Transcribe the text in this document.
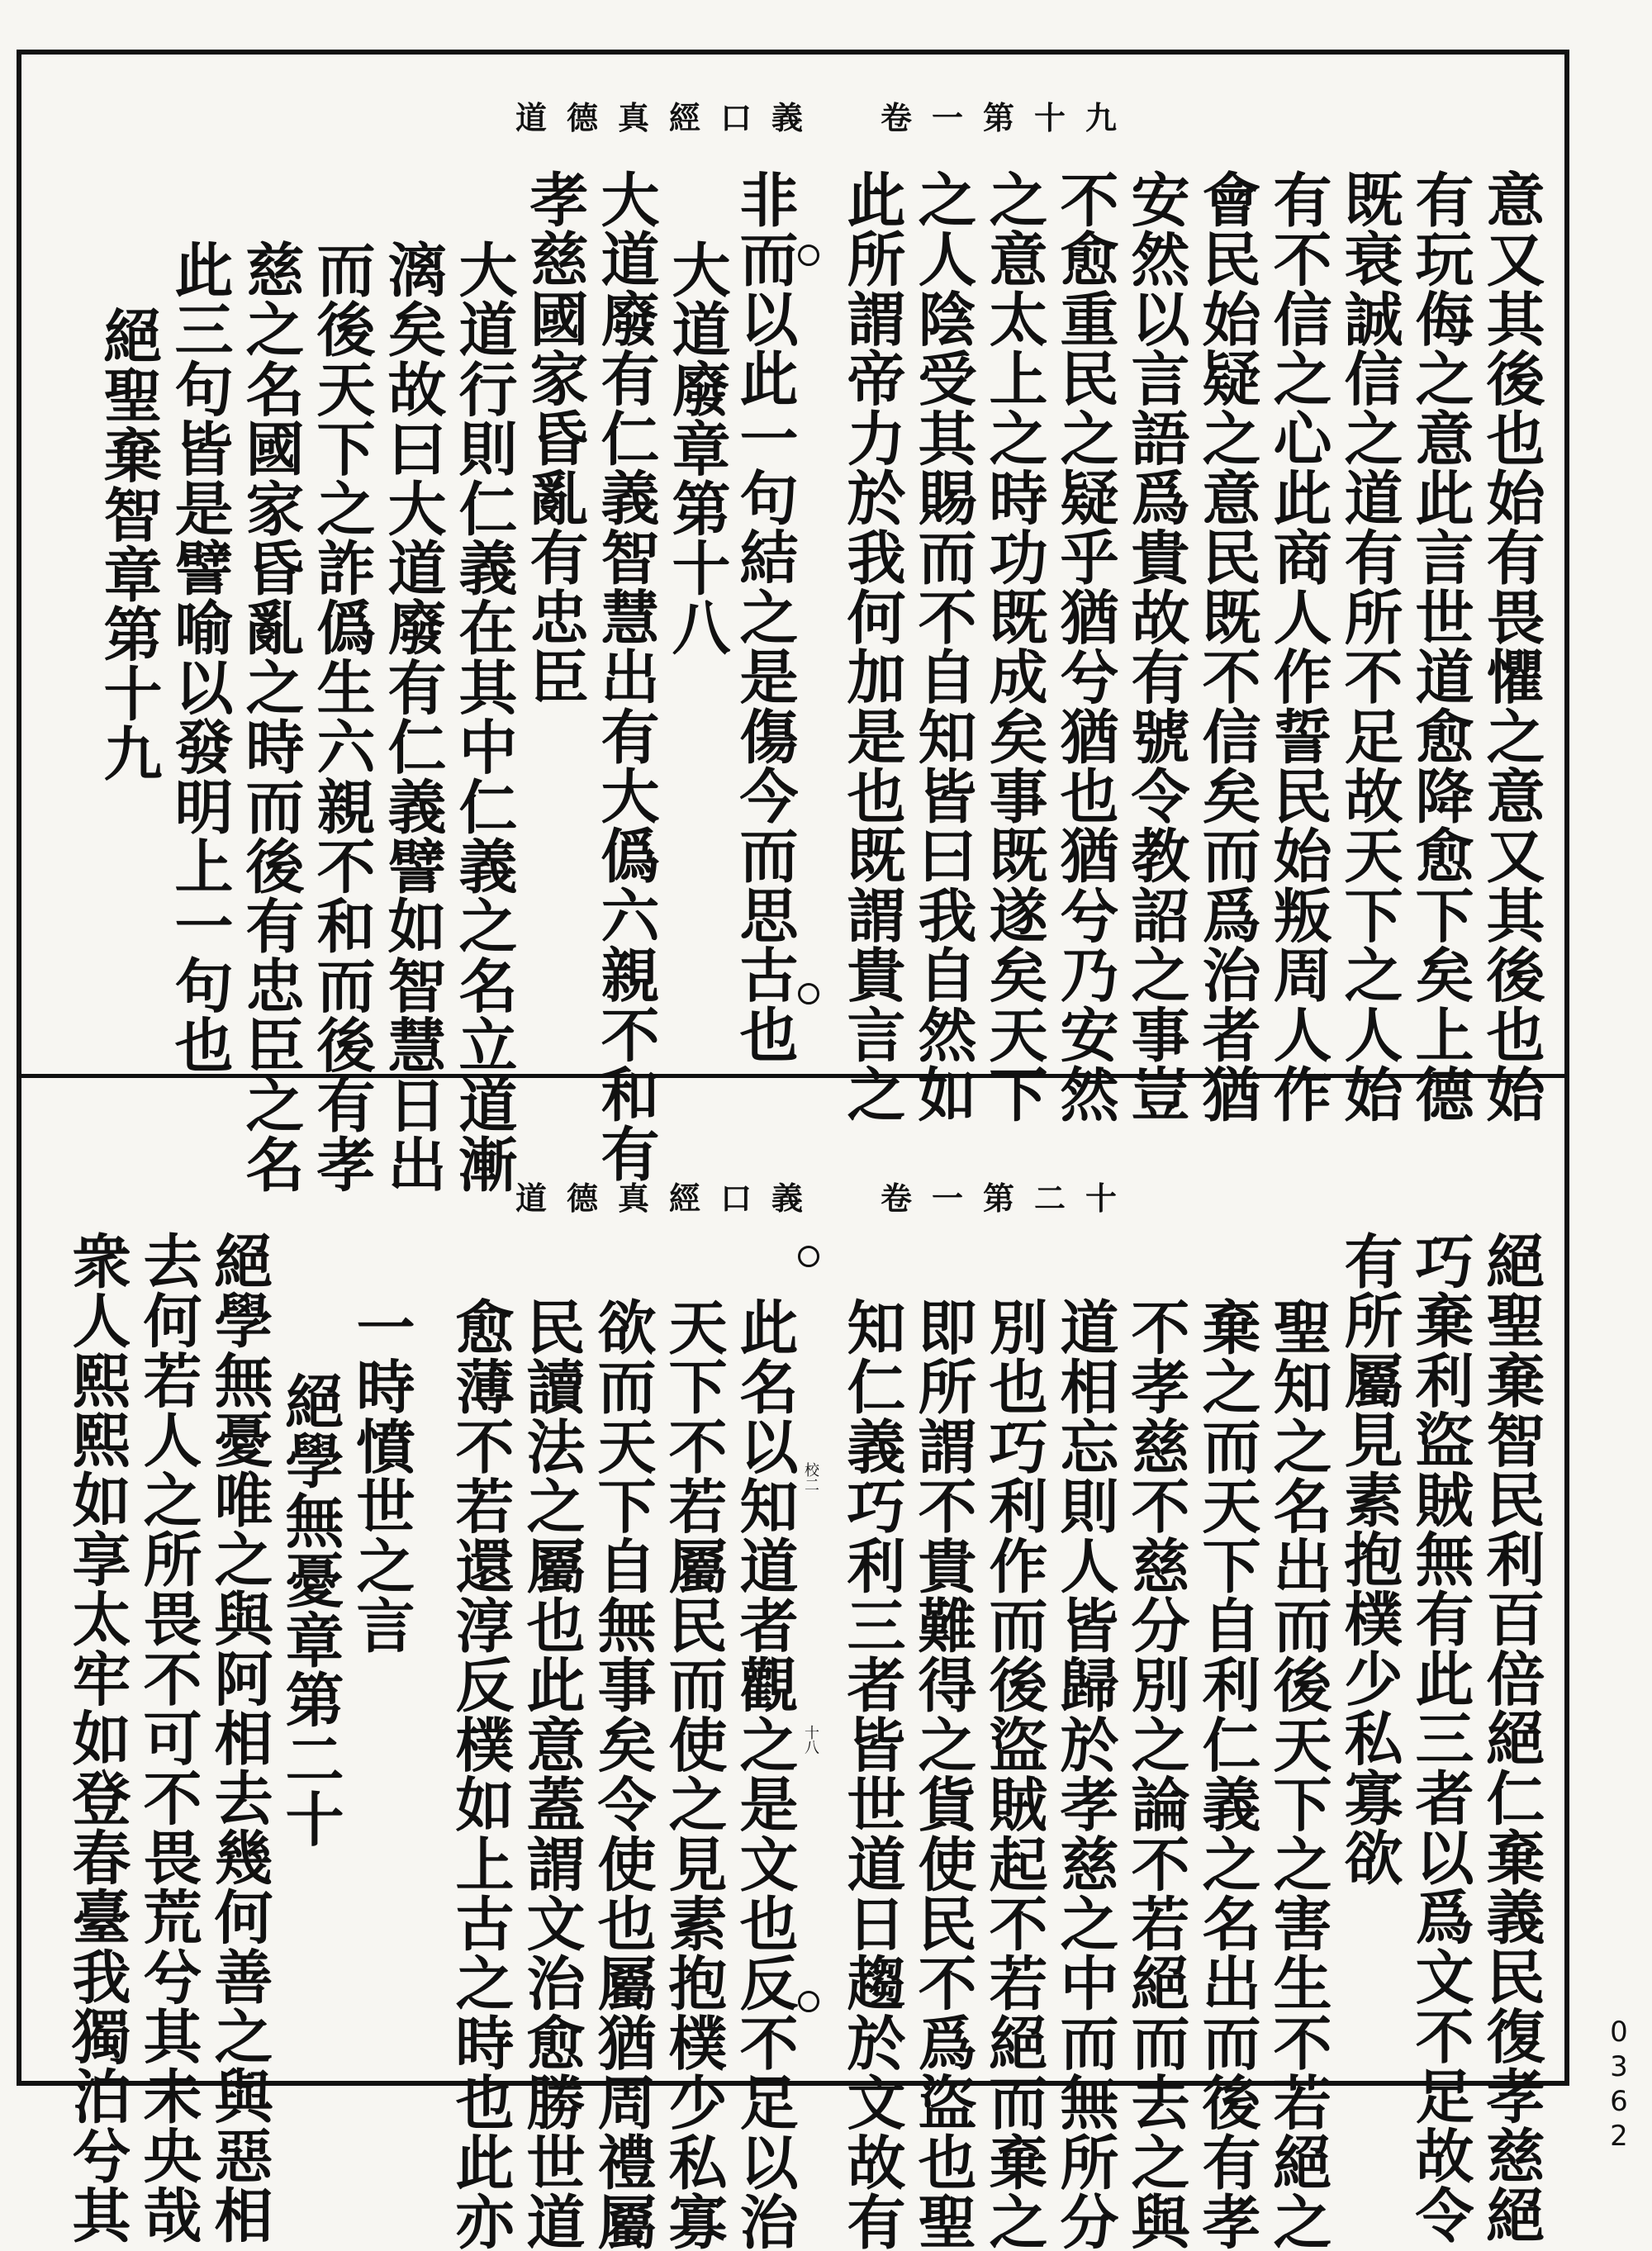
道德真經口義 卷一第十九
意又其後也始有畏懼之意又其後也始
有玩侮之意此言世道愈降愈下矣上德
既衰誠信之道有所不足故天下之人始
有不信之心此商人作誓民始叛周人作
會民始疑之意民既不信矣而爲治者猶
安然以言語爲貴故有號令教詔之事豈
不愈重民之疑乎猶兮猶也猶兮乃安然
之意太上之時功既成矣事既遂矣天下
之人陰受其賜而不自知皆曰我自然如
此所謂帝力於我何加是也既謂貴言之
非而以此一句結之是傷今而思古也
大道廢章第十八
大道廢有仁義智慧出有大僞六親不和有
孝慈國家昏亂有忠臣
大道行則仁義在其中仁義之名立道漸
漓矣故曰大道廢有仁義譬如智慧日出
而後天下之詐僞生六親不和而後有孝
慈之名國家昏亂之時而後有忠臣之名
此三句皆是譬喻以發明上一句也
絕聖棄智章第十九
道德真經口義 卷一第二十
絕聖棄智民利百倍絕仁棄義民復孝慈絕
巧棄利盜賊無有此三者以爲文不足故令
有所屬見素抱樸少私寡欲
聖知之名出而後天下之害生不若絕之
棄之而天下自利仁義之名出而後有孝
不孝慈不慈分別之論不若絕而去之與
道相忘則人皆歸於孝慈之中而無所分
別也巧利作而後盜賊起不若絕而棄之
即所謂不貴難得之貨使民不爲盜也聖
知仁義巧利三者皆世道日趨於文故有
此名以知道者觀之是文也反不足以治
天下不若屬民而使之見素抱樸少私寡
欲而天下自無事矣令使也屬猶周禮屬
民讀法之屬也此意蓋謂文治愈勝世道
愈薄不若還淳反樸如上古之時也此亦
一時憤世之言
絕學無憂章第二十
絕學無憂唯之與阿相去幾何善之與惡相
去何若人之所畏不可不畏荒兮其未央哉
衆人熙熙如享太牢如登春臺我獨泊兮其	十八
校二
0362
